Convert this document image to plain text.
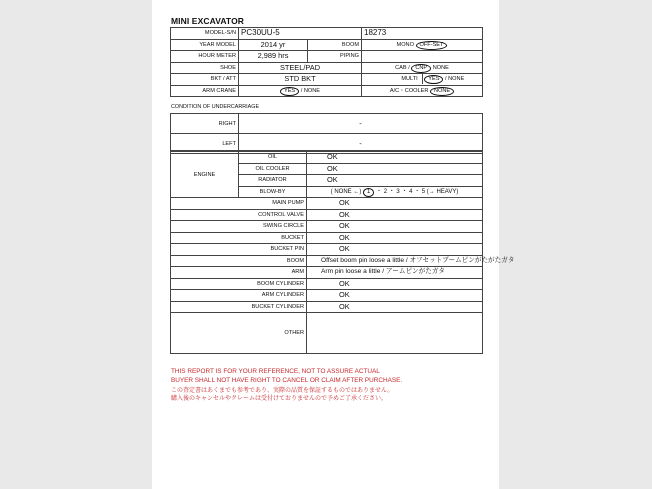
MINI EXCAVATOR
MODEL-S/N	PC30UU-5		18273
YEAR MODEL	2014 yr	BOOM	MONO OFF-SET
HOUR METER	2,989 hrs	PIPING	
SHOE	STEEL/PAD		CAB / CNP NONE
BKT / ATT	STD BKT		MULTI YES / NONE
ARM CRANE	YES / NONE		A/C・COOLER NONE
CONDITION OF UNDERCARRIAGE
RIGHT	-
LEFT	-

ENGINE	OIL	OK
	OIL COOLER	OK
	RADIATOR	OK
	BLOW-BY	( NONE ←) 1 ・ 2 ・ 3 ・ 4 ・ 5 (→ HEAVY)
MAIN PUMP		OK
CONTROL VALVE		OK
SWING CIRCLE		OK
BUCKET		OK
BUCKET PIN		OK
BOOM		Offset boom pin loose a little / オフセットブームピンがたがたガタ
ARM		Arm pin loose a little / アームピンがたガタ
BOOM CYLINDER		OK
ARM CYLINDER		OK
BUCKET CYLINDER		OK
OTHER		
THIS REPORT IS FOR YOUR REFERENCE, NOT TO ASSURE ACTUAL
BUYER SHALL NOT HAVE RIGHT TO CANCEL OR CLAIM AFTER PURCHASE.
この査定書はあくまでも参考であり、実際の品質を保証するものではありません。
購入後のキャンセルやクレームは受付けておりませんので予めご了承ください。
